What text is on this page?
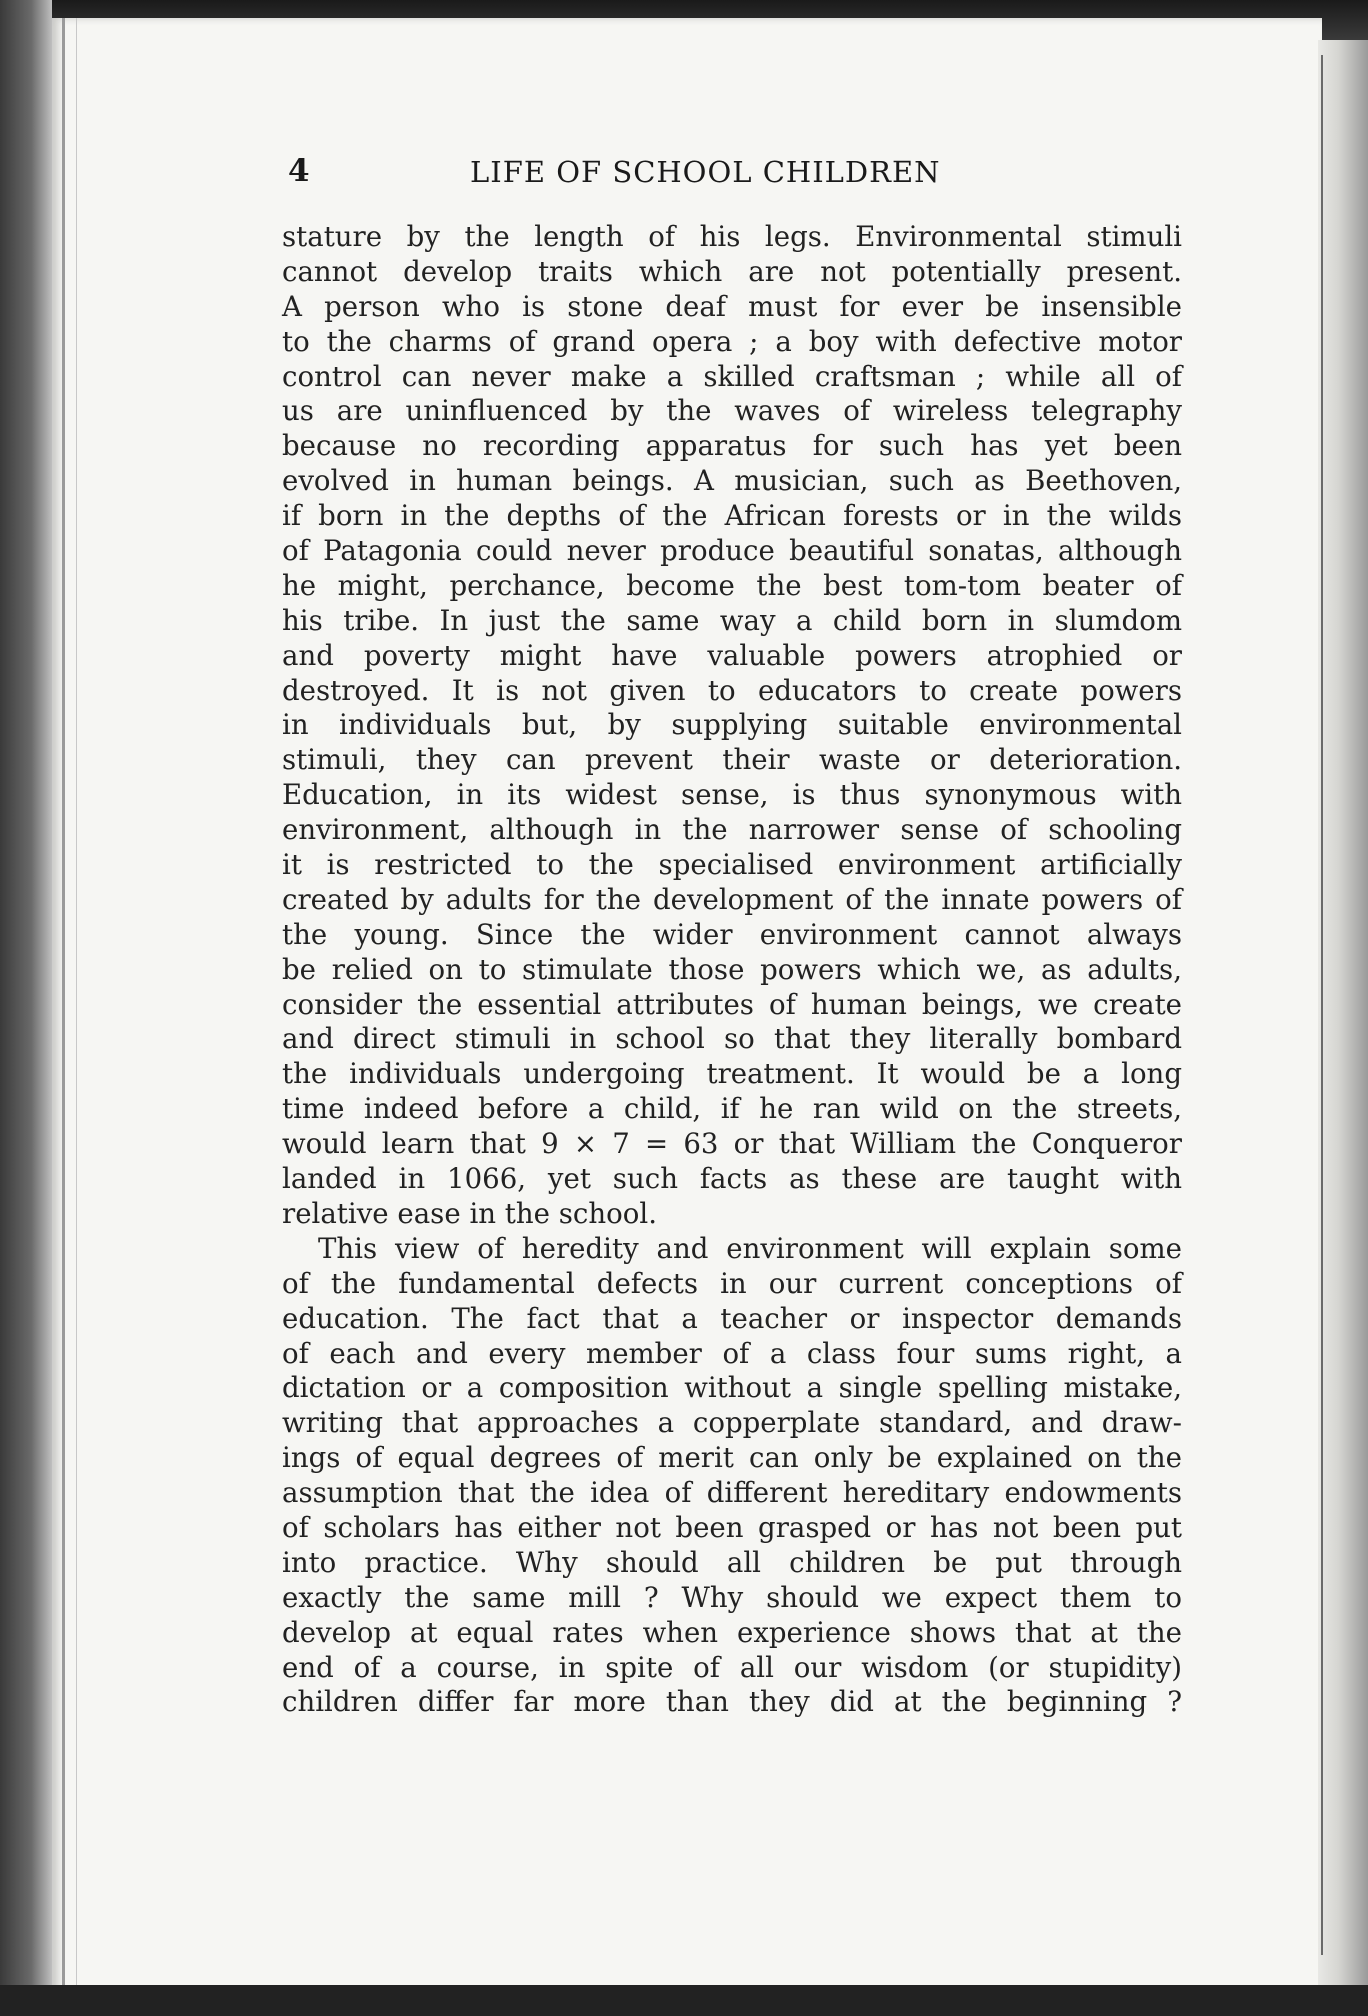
4	LIFE OF SCHOOL CHILDREN
stature by the length of his legs. Environmental stimuli
cannot develop traits which are not potentially present.
A person who is stone deaf must for ever be insensible
to the charms of grand opera ; a boy with defective motor
control can never make a skilled craftsman ; while all of
us are uninfluenced by the waves of wireless telegraphy
because no recording apparatus for such has yet been
evolved in human beings. A musician, such as Beethoven,
if born in the depths of the African forests or in the wilds
of Patagonia could never produce beautiful sonatas, although
he might, perchance, become the best tom-tom beater of
his tribe. In just the same way a child born in slumdom
and poverty might have valuable powers atrophied or
destroyed. It is not given to educators to create powers
in individuals but, by supplying suitable environmental
stimuli, they can prevent their waste or deterioration.
Education, in its widest sense, is thus synonymous with
environment, although in the narrower sense of schooling
it is restricted to the specialised environment artificially
created by adults for the development of the innate powers of
the young. Since the wider environment cannot always
be relied on to stimulate those powers which we, as adults,
consider the essential attributes of human beings, we create
and direct stimuli in school so that they literally bombard
the individuals undergoing treatment. It would be a long
time indeed before a child, if he ran wild on the streets,
would learn that 9 × 7 = 63 or that William the Conqueror
landed in 1066, yet such facts as these are taught with
relative ease in the school.
This view of heredity and environment will explain some
of the fundamental defects in our current conceptions of
education. The fact that a teacher or inspector demands
of each and every member of a class four sums right, a
dictation or a composition without a single spelling mistake,
writing that approaches a copperplate standard, and draw-
ings of equal degrees of merit can only be explained on the
assumption that the idea of different hereditary endowments
of scholars has either not been grasped or has not been put
into practice. Why should all children be put through
exactly the same mill ? Why should we expect them to
develop at equal rates when experience shows that at the
end of a course, in spite of all our wisdom (or stupidity)
children differ far more than they did at the beginning ?
